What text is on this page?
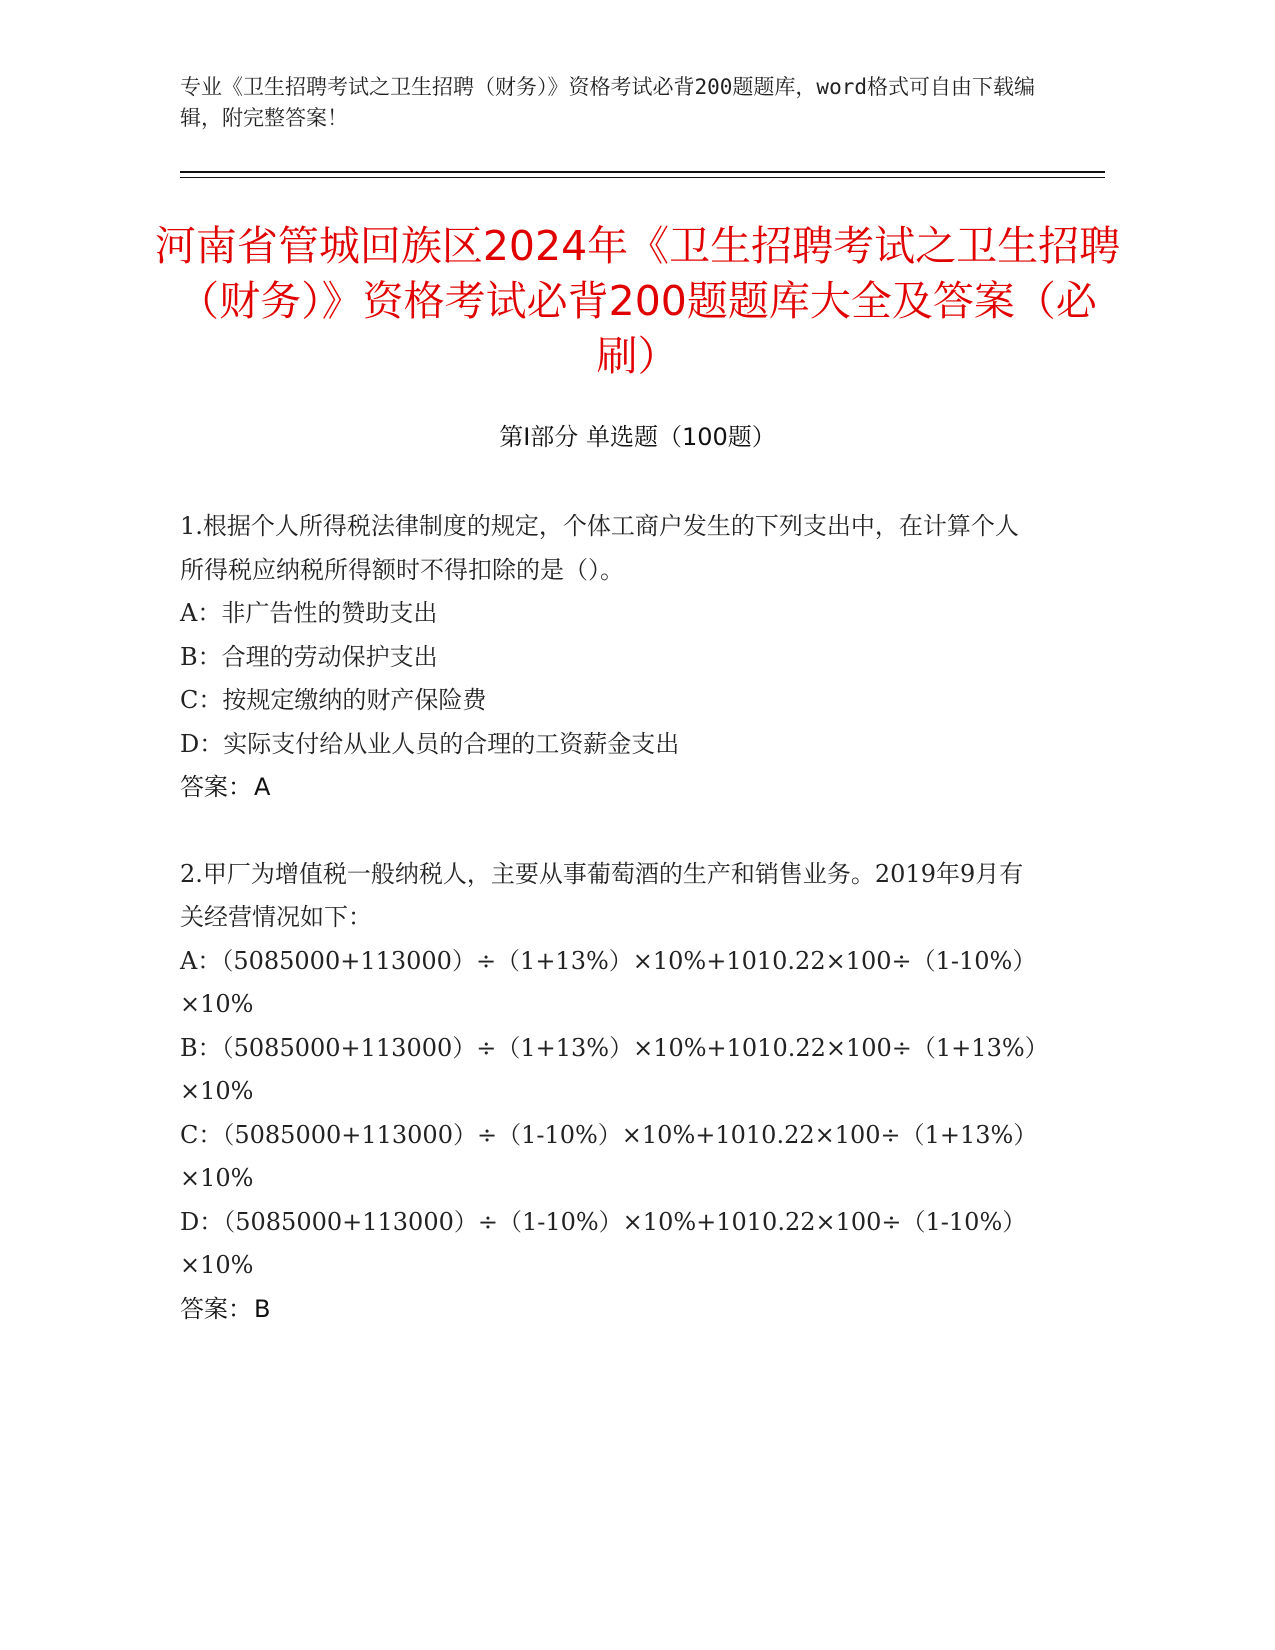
专业《卫生招聘考试之卫生招聘（财务）》资格考试必背200题题库，word格式可自由下载编辑，附完整答案！
河南省管城回族区2024年《卫生招聘考试之卫生招聘（财务）》资格考试必背200题题库大全及答案（必刷）
第I部分 单选题（100题）
1.根据个人所得税法律制度的规定，个体工商户发生的下列支出中，在计算个人所得税应纳税所得额时不得扣除的是（）。
A：非广告性的赞助支出
B：合理的劳动保护支出
C：按规定缴纳的财产保险费
D：实际支付给从业人员的合理的工资薪金支出
答案：A
2.甲厂为增值税一般纳税人，主要从事葡萄酒的生产和销售业务。2019年9月有关经营情况如下：
A：（5085000+113000）÷（1+13%）×10%+1010.22×100÷（1-10%）×10%
B：（5085000+113000）÷（1+13%）×10%+1010.22×100÷（1+13%）×10%
C：（5085000+113000）÷（1-10%）×10%+1010.22×100÷（1+13%）×10%
D：（5085000+113000）÷（1-10%）×10%+1010.22×100÷（1-10%）×10%
答案：B
